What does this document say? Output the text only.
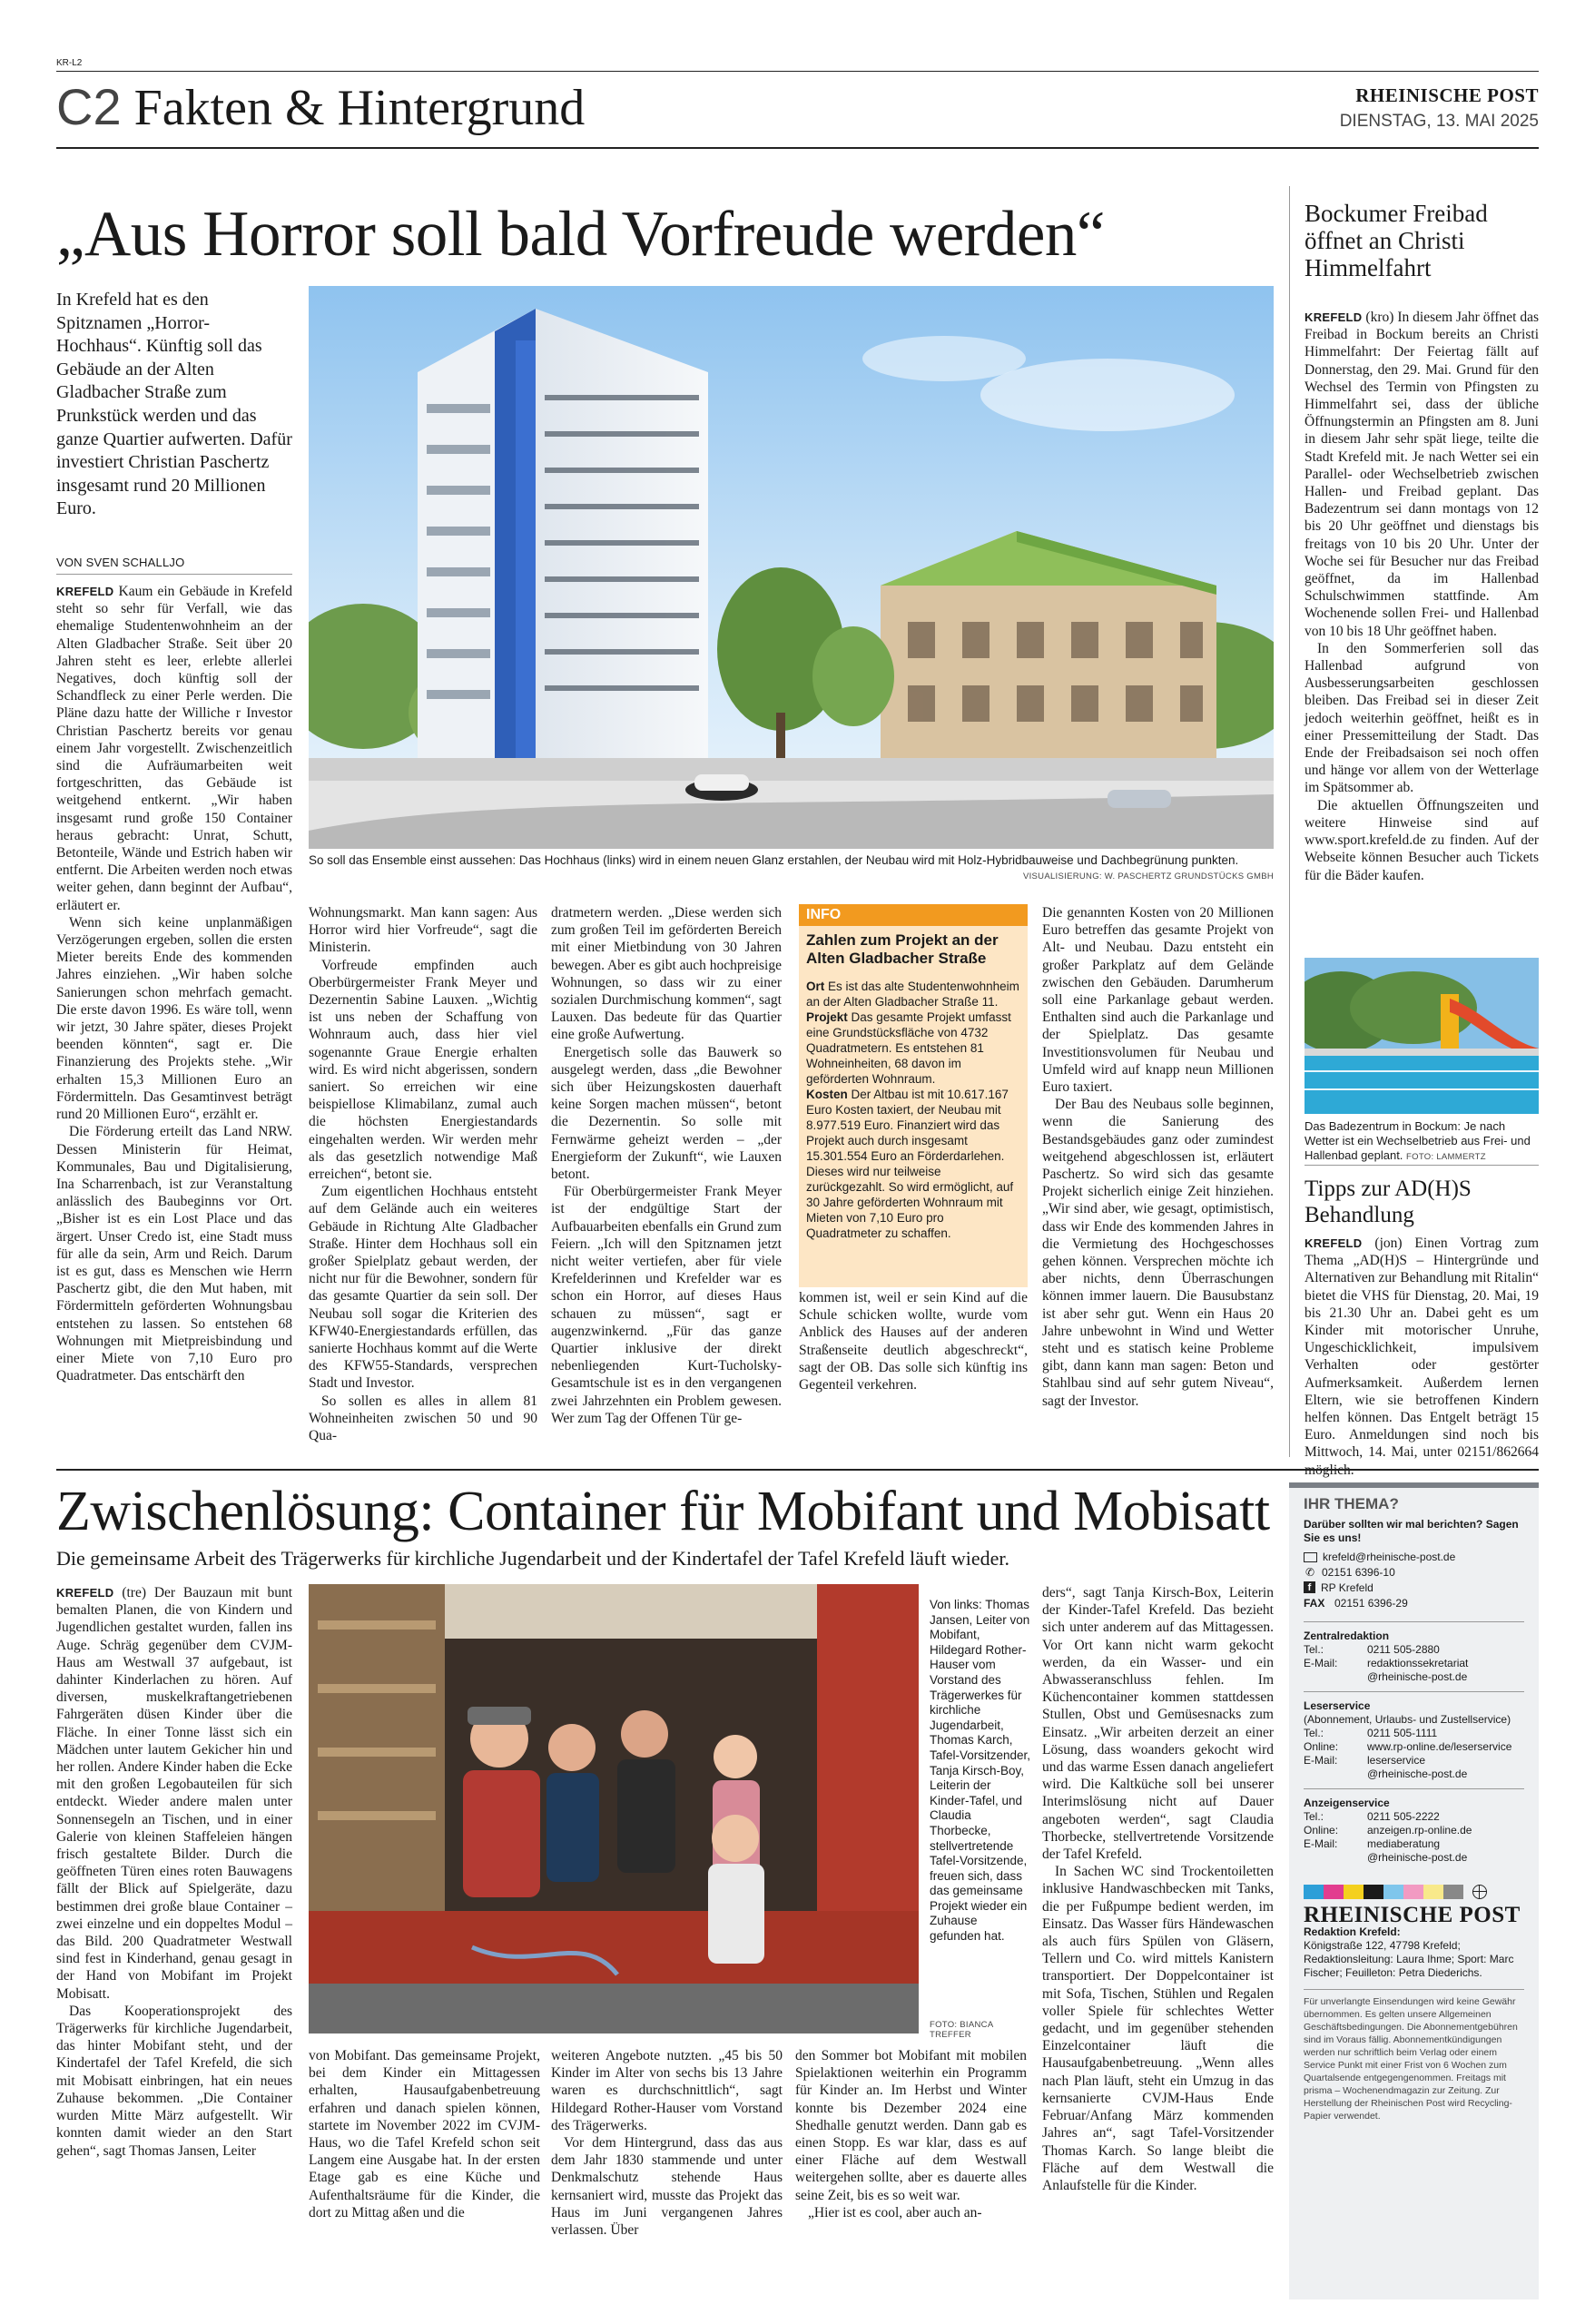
KR-L2
C2 Fakten & Hintergrund	RHEINISCHE POST
DIENSTAG, 13. MAI 2025
„Aus Horror soll bald Vorfreude werden“
In Krefeld hat es den Spitznamen „Horror-Hochhaus“. Künftig soll das Gebäude an der Alten Gladbacher Straße zum Prunkstück werden und das ganze Quartier aufwerten. Dafür investiert Christian Paschertz insgesamt rund 20 Millionen Euro.
VON SVEN SCHALLJO

KREFELD Kaum ein Gebäude in Krefeld steht so sehr für Verfall, wie das ehemalige Studentenwohnheim an der Alten Gladbacher Straße. Seit über 20 Jahren steht es leer, erlebte allerlei Negatives, doch künftig soll der Schandfleck zu einer Perle werden. Die Pläne dazu hatte der Williche r Investor Christian Paschertz bereits vor genau einem Jahr vorgestellt. Zwischenzeitlich sind die Aufräumarbeiten weit fortgeschritten, das Gebäude ist weitgehend entkernt. „Wir haben insgesamt rund große 150 Container heraus gebracht: Unrat, Schutt, Betonteile, Wände und Estrich haben wir entfernt. Die Arbeiten werden noch etwas weiter gehen, dann beginnt der Aufbau“, erläutert er.

Wenn sich keine unplanmäßigen Verzögerungen ergeben, sollen die ersten Mieter bereits Ende des kommenden Jahres einziehen. „Wir haben solche Sanierungen schon mehrfach gemacht. Die erste davon 1996. Es wäre toll, wenn wir jetzt, 30 Jahre später, dieses Projekt beenden könnten“, sagt er. Die Finanzierung des Projekts stehe. „Wir erhalten 15,3 Millionen Euro an Fördermitteln. Das Gesamtinvest beträgt rund 20 Millionen Euro“, erzählt er.

Die Förderung erteilt das Land NRW. Dessen Ministerin für Heimat, Kommunales, Bau und Digitalisierung, Ina Scharrenbach, ist zur Veranstaltung anlässlich des Baubeginns vor Ort. „Bisher ist es ein Lost Place und das ärgert. Unser Credo ist, eine Stadt muss für alle da sein, Arm und Reich. Darum ist es gut, dass es Menschen wie Herrn Paschertz gibt, die den Mut haben, mit Fördermitteln geförderten Wohnungsbau entstehen zu lassen. So entstehen 68 Wohnungen mit Mietpreisbindung und einer Miete von 7,10 Euro pro Quadratmeter. Das entschärft den

So soll das Ensemble einst aussehen: Das Hochhaus (links) wird in einem neuen Glanz erstahlen, der Neubau wird mit Holz-Hybridbauweise und Dachbegrünung punkten.
VISUALISIERUNG: W. PASCHERTZ GRUNDSTÜCKS GMBH

Wohnungsmarkt. Man kann sagen: Aus Horror wird hier Vorfreude“, sagt die Ministerin.

Vorfreude empfinden auch Oberbürgermeister Frank Meyer und Dezernentin Sabine Lauxen. „Wichtig ist uns neben der Schaffung von Wohnraum auch, dass hier viel sogenannte Graue Energie erhalten wird. Es wird nicht abgerissen, sondern saniert. So erreichen wir eine beispiellose Klimabilanz, zumal auch die höchsten Energiestandards eingehalten werden. Wir werden mehr als das gesetzlich notwendige Maß erreichen“, betont sie.

Zum eigentlichen Hochhaus entsteht auf dem Gelände auch ein weiteres Gebäude in Richtung Alte Gladbacher Straße. Hinter dem Hochhaus soll ein großer Spielplatz gebaut werden, der nicht nur für die Bewohner, sondern für das gesamte Quartier da sein soll. Der Neubau soll sogar die Kriterien des KFW40-Energiestandards erfüllen, das sanierte Hochhaus kommt auf die Werte des KFW55-Standards, versprechen Stadt und Investor.

So sollen es alles in allem 81 Wohneinheiten zwischen 50 und 90 Qua-

dratmetern werden. „Diese werden sich zum großen Teil im geförderten Bereich mit einer Mietbindung von 30 Jahren bewegen. Aber es gibt auch hochpreisige Wohnungen, so dass wir zu einer sozialen Durchmischung kommen“, sagt Lauxen. Das bedeute für das Quartier eine große Aufwertung.

Energetisch solle das Bauwerk so ausgelegt werden, dass „die Bewohner sich über Heizungskosten dauerhaft keine Sorgen machen müssen“, betont die Dezernentin. So solle mit Fernwärme geheizt werden – „der Energieform der Zukunft“, wie Lauxen betont.

Für Oberbürgermeister Frank Meyer ist der endgültige Start der Aufbauarbeiten ebenfalls ein Grund zum Feiern. „Ich will den Spitznamen jetzt nicht weiter vertiefen, aber für viele Krefelderinnen und Krefelder war es schon ein Horror, auf dieses Haus schauen zu müssen“, sagt er augenzwinkernd. „Für das ganze Quartier inklusive der direkt nebenliegenden Kurt-Tucholsky-Gesamtschule ist es in den vergangenen zwei Jahrzehnten ein Problem gewesen. Wer zum Tag der Offenen Tür ge-

INFO
Zahlen zum Projekt an der Alten Gladbacher Straße
Ort Es ist das alte Studentenwohnheim an der Alten Gladbacher Straße 11.
Projekt Das gesamte Projekt umfasst eine Grundstücksfläche von 4732 Quadratmetern. Es entstehen 81 Wohneinheiten, 68 davon im geförderten Wohnraum.
Kosten Der Altbau ist mit 10.617.167 Euro Kosten taxiert, der Neubau mit 8.977.519 Euro. Finanziert wird das Projekt auch durch insgesamt 15.301.554 Euro an Förderdarlehen. Dieses wird nur teilweise zurückgezahlt. So wird ermöglicht, auf 30 Jahre geförderten Wohnraum mit Mieten von 7,10 Euro pro Quadratmeter zu schaffen.

kommen ist, weil er sein Kind auf die Schule schicken wollte, wurde vom Anblick des Hauses auf der anderen Straßenseite deutlich abgeschreckt“, sagt der OB. Das solle sich künftig ins Gegenteil verkehren.

Die genannten Kosten von 20 Millionen Euro betreffen das gesamte Projekt von Alt- und Neubau. Dazu entsteht ein großer Parkplatz auf dem Gelände zwischen den Gebäuden. Darumherum soll eine Parkanlage gebaut werden. Enthalten sind auch die Parkanlage und der Spielplatz. Das gesamte Investitionsvolumen für Neubau und Umfeld wird auf knapp neun Millionen Euro taxiert.

Der Bau des Neubaus solle beginnen, wenn die Sanierung des Bestandsgebäudes ganz oder zumindest weitgehend abgeschlossen ist, erläutert Paschertz. So wird sich das gesamte Projekt sicherlich einige Zeit hinziehen. „Wir sind aber, wie gesagt, optimistisch, dass wir Ende des kommenden Jahres in die Vermietung des Hochgeschosses gehen können. Versprechen möchte ich aber nichts, denn Überraschungen können immer lauern. Die Bausubstanz ist aber sehr gut. Wenn ein Haus 20 Jahre unbewohnt in Wind und Wetter steht und es statisch keine Probleme gibt, dann kann man sagen: Beton und Stahlbau sind auf sehr gutem Niveau“, sagt der Investor.

Bockumer Freibad öffnet an Christi Himmelfahrt

KREFELD (kro) In diesem Jahr öffnet das Freibad in Bockum bereits an Christi Himmelfahrt: Der Feiertag fällt auf Donnerstag, den 29. Mai. Grund für den Wechsel des Termin von Pfingsten zu Himmelfahrt sei, dass der übliche Öffnungstermin an Pfingsten am 8. Juni in diesem Jahr sehr spät liege, teilte die Stadt Krefeld mit. Je nach Wetter sei ein Parallel- oder Wechselbetrieb zwischen Hallen- und Freibad geplant. Das Badezentrum sei dann montags von 12 bis 20 Uhr geöffnet und dienstags bis freitags von 10 bis 20 Uhr. Unter der Woche sei für Besucher nur das Freibad geöffnet, da im Hallenbad Schulschwimmen stattfinde. Am Wochenende sollen Frei- und Hallenbad von 10 bis 18 Uhr geöffnet haben.

In den Sommerferien soll das Hallenbad aufgrund von Ausbesserungsarbeiten geschlossen bleiben. Das Freibad sei in dieser Zeit jedoch weiterhin geöffnet, heißt es in einer Pressemitteilung der Stadt. Das Ende der Freibadsaison sei noch offen und hänge vor allem von der Wetterlage im Spätsommer ab.

Die aktuellen Öffnungszeiten und weitere Hinweise sind auf www.sport.krefeld.de zu finden. Auf der Webseite können Besucher auch Tickets für die Bäder kaufen.

Das Badezentrum in Bockum: Je nach Wetter ist ein Wechselbetrieb aus Frei- und Hallenbad geplant. FOTO: LAMMERTZ
Tipps zur AD(H)S Behandlung

KREFELD (jon) Einen Vortrag zum Thema „AD(H)S – Hintergründe und Alternativen zur Behandlung mit Ritalin“ bietet die VHS für Dienstag, 20. Mai, 19 bis 21.30 Uhr an. Dabei geht es um Kinder mit motorischer Unruhe, Ungeschicklichkeit, impulsivem Verhalten oder gestörter Aufmerksamkeit. Außerdem lernen Eltern, wie sie betroffenen Kindern helfen können. Das Entgelt beträgt 15 Euro. Anmeldungen sind noch bis Mittwoch, 14. Mai, unter 02151/862664

Zwischenlösung: Container für Mobifant und Mobisatt
Die gemeinsame Arbeit des Trägerwerks für kirchliche Jugendarbeit und der Kindertafel der Tafel Krefeld läuft wieder.

KREFELD (tre) Der Bauzaun mit bunt bemalten Planen, die von Kindern und Jugendlichen gestaltet wurden, fallen ins Auge. Schräg gegenüber dem CVJM-Haus am Westwall 37 aufgebaut, ist dahinter Kinderlachen zu hören. Auf diversen, muskelkraftangetriebenen Fahrgeräten düsen Kinder über die Fläche. In einer Tonne lässt sich ein Mädchen unter lautem Gekicher hin und her rollen. Andere Kinder haben die Ecke mit den großen Legobauteilen für sich entdeckt. Wieder andere malen unter Sonnensegeln an Tischen, und in einer Galerie von kleinen Staffeleien hängen frisch gestaltete Bilder. Durch die geöffneten Türen eines roten Bauwagens fällt der Blick auf Spielgeräte, dazu bestimmen drei große blaue Container – zwei einzelne und ein doppeltes Modul – das Bild. 200 Quadratmeter Westwall sind fest in Kinderhand, genau gesagt in der Hand von Mobifant im Projekt Mobisatt.

Das Kooperationsprojekt des Trägerwerks für kirchliche Jugendarbeit, das hinter Mobifant steht, und der Kindertafel der Tafel Krefeld, die sich mit Mobisatt einbringen, hat ein neues Zuhause bekommen. „Die Container wurden Mitte März aufgestellt. Wir konnten damit wieder an den Start gehen“, sagt Thomas Jansen, Leiter

Von links: Thomas Jansen, Leiter von Mobifant, Hildegard Rother-Hauser vom Vorstand des Trägerwerkes für kirchliche Jugendarbeit, Thomas Karch, Tafel-Vorsitzender, Tanja Kirsch-Boy, Leiterin der Kinder-Tafel, und Claudia Thorbecke, stellvertretende Tafel-Vorsitzende, freuen sich, dass das gemeinsame Projekt wieder ein Zuhause gefunden hat.
FOTO: BIANCA TREFFER

von Mobifant. Das gemeinsame Projekt, bei dem Kinder ein Mittagessen erhalten, Hausaufgabenbetreuung erfahren und danach spielen können, startete im November 2022 im CVJM-Haus, wo die Tafel Krefeld schon seit Langem eine Ausgabe hat. In der ersten Etage gab es eine Küche und Aufenthaltsräume für die Kinder, die dort zu Mittag aßen und die

weiteren Angebote nutzten. „45 bis 50 Kinder im Alter von sechs bis 13 Jahre waren es durchschnittlich“, sagt Hildegard Rother-Hauser vom Vorstand des Trägerwerks.

Vor dem Hintergrund, dass das aus dem Jahr 1830 stammende und unter Denkmalschutz stehende Haus kernsaniert wird, musste das Projekt das Haus im Juni vergangenen Jahres verlassen. Über

den Sommer bot Mobifant mit mobilen Spielaktionen weiterhin ein Programm für Kinder an. Im Herbst und Winter konnte bis Dezember 2024 eine Shedhalle genutzt werden. Dann gab es einen Stopp. Es war klar, dass es auf einer Fläche auf dem Westwall weitergehen sollte, aber es dauerte alles seine Zeit, bis es so weit war.

„Hier ist es cool, aber auch an-

ders“, sagt Tanja Kirsch-Box, Leiterin der Kinder-Tafel Krefeld. Das bezieht sich unter anderem auf das Mittagessen. Vor Ort kann nicht warm gekocht werden, da ein Wasser- und ein Abwasseranschluss fehlen. Im Küchencontainer kommen stattdessen Stullen, Obst und Gemüsesnacks zum Einsatz. „Wir arbeiten derzeit an einer Lösung, dass woanders gekocht wird und das warme Essen danach angeliefert wird. Die Kaltküche soll bei unserer Interimslösung nicht auf Dauer angeboten werden“, sagt Claudia Thorbecke, stellvertretende Vorsitzende der Tafel Krefeld.

In Sachen WC sind Trockentoiletten inklusive Handwaschbecken mit Tanks, die per Fußpumpe bedient werden, im Einsatz. Das Wasser fürs Händewaschen als auch fürs Spülen von Gläsern, Tellern und Co. wird mittels Kanistern transportiert. Der Doppelcontainer ist mit Sofa, Tischen, Stühlen und Regalen voller Spiele für schlechtes Wetter gedacht, und im gegenüber stehenden Einzelcontainer läuft die Hausaufgabenbetreuung. „Wenn alles nach Plan läuft, steht ein Umzug in das kernsanierte CVJM-Haus Ende Februar/Anfang März kommenden Jahres an“, sagt Tafel-Vorsitzender Thomas Karch. So lange bleibt die Fläche auf dem Westwall die Anlaufstelle für die Kinder.

IHR THEMA?
Darüber sollten wir mal berichten? Sagen Sie es uns!
krefeld@rheinische-post.de
✆ 02151 6396-10
f RP Krefeld
FAX 02151 6396-29
Zentralredaktion
Tel.:	0211 505-2880
E-Mail:	redaktionssekretariat
@rheinische-post.de
Leserservice
(Abonnement, Urlaubs- und Zustellservice)
Tel.:	0211 505-1111
Online:	www.rp-online.de/leserservice
E-Mail:	leserservice
@rheinische-post.de
Anzeigenservice
Tel.:	0211 505-2222
Online:	anzeigen.rp-online.de
E-Mail:	mediaberatung
@rheinische-post.de
RHEINISCHE POST
Redaktion Krefeld:
Königstraße 122, 47798 Krefeld; Redaktionsleitung: Laura Ihme; Sport: Marc Fischer; Feuilleton: Petra Diederichs.
Für unverlangte Einsendungen wird keine Gewähr übernommen. Es gelten unsere Allgemeinen Geschäftsbedingungen. Die Abonnementgebühren sind im Voraus fällig. Abonnementkündigungen werden nur schriftlich beim Verlag oder einem Service Punkt mit einer Frist von 6 Wochen zum Quartalsende entgegengenommen. Freitags mit prisma – Wochenendmagazin zur Zeitung. Zur Herstellung der Rheinischen Post wird Recycling-Papier verwendet.
